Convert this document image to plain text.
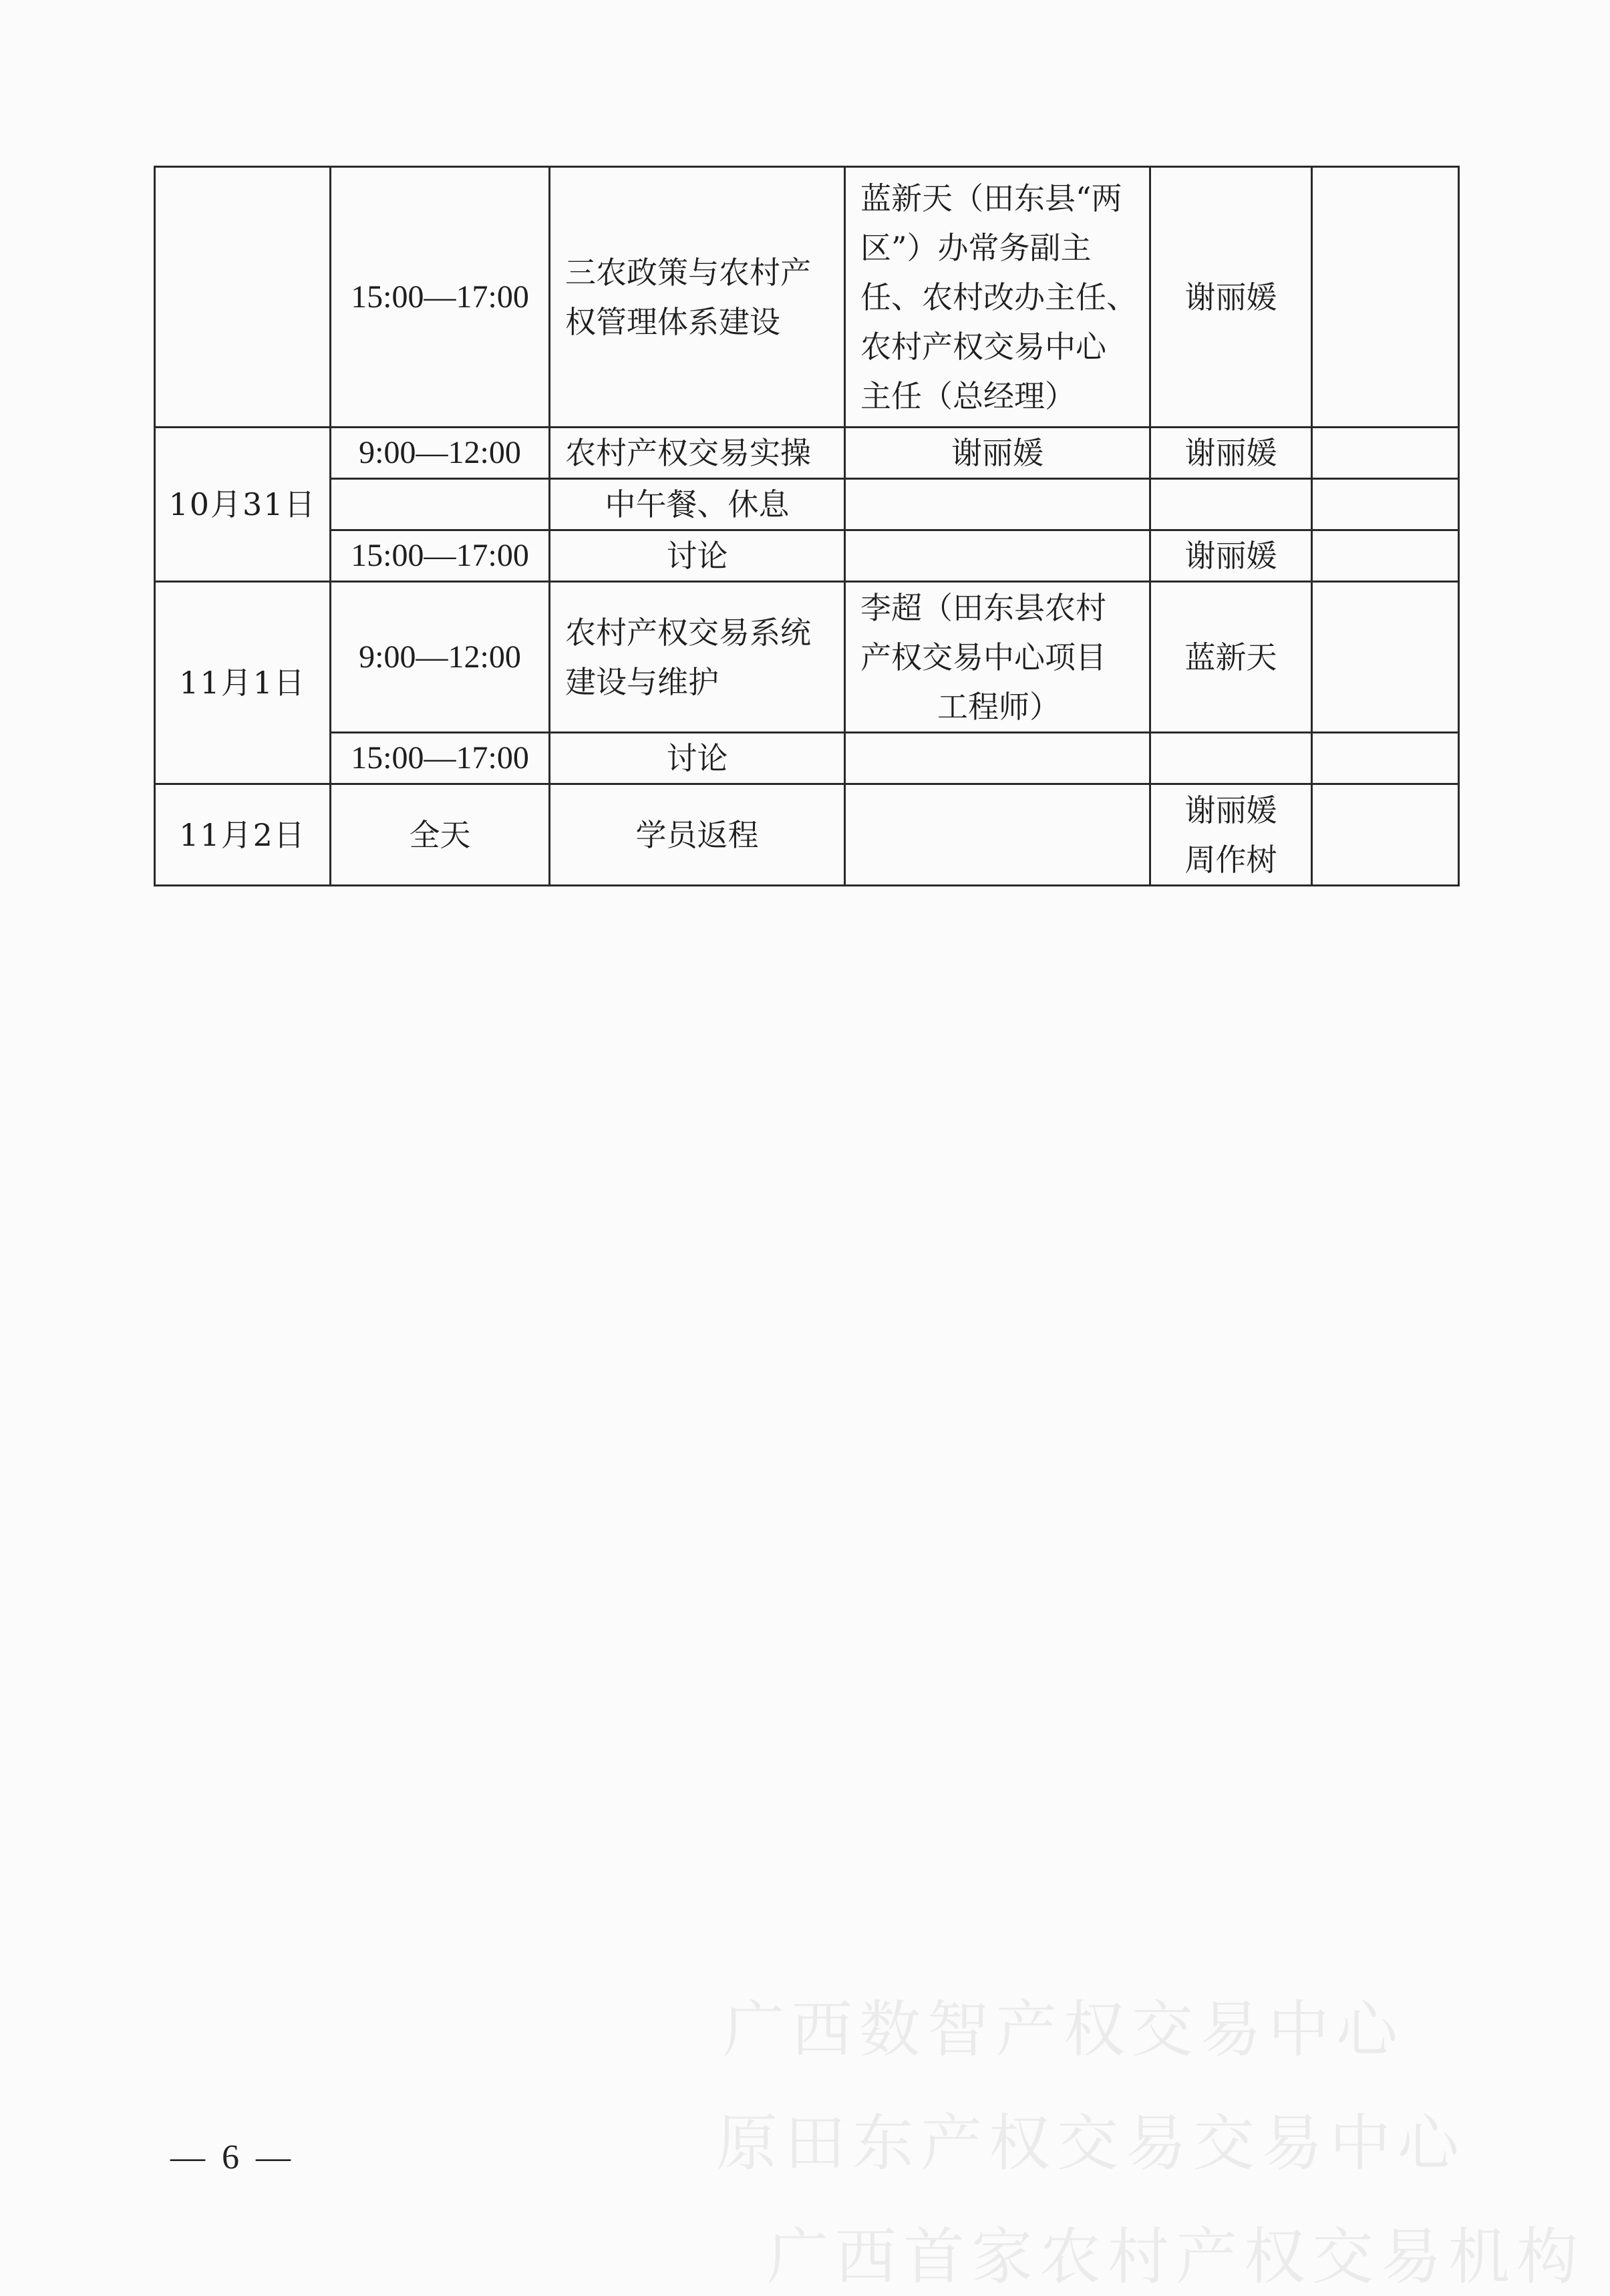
	15:00—17:00	三农政策与农村产权管理体系建设	蓝新天（田东县“两
区”）办常务副主
任、农村改办主任、
农村产权交易中心
主任（总经理）	谢丽媛	
10月31日	9:00—12:00	农村产权交易实操	谢丽媛	谢丽媛	
		中午餐、休息			
	15:00—17:00	讨论		谢丽媛	
11月1日	9:00—12:00	农村产权交易系统建设与维护	李超（田东县农村
产权交易中心项目
工程师）	蓝新天	
	15:00—17:00	讨论			
11月2日	全天	学员返程		谢丽媛
周作树	

广西数智产权交易中心
原田东产权交易交易中心
广西首家农村产权交易机构
— 6 —
